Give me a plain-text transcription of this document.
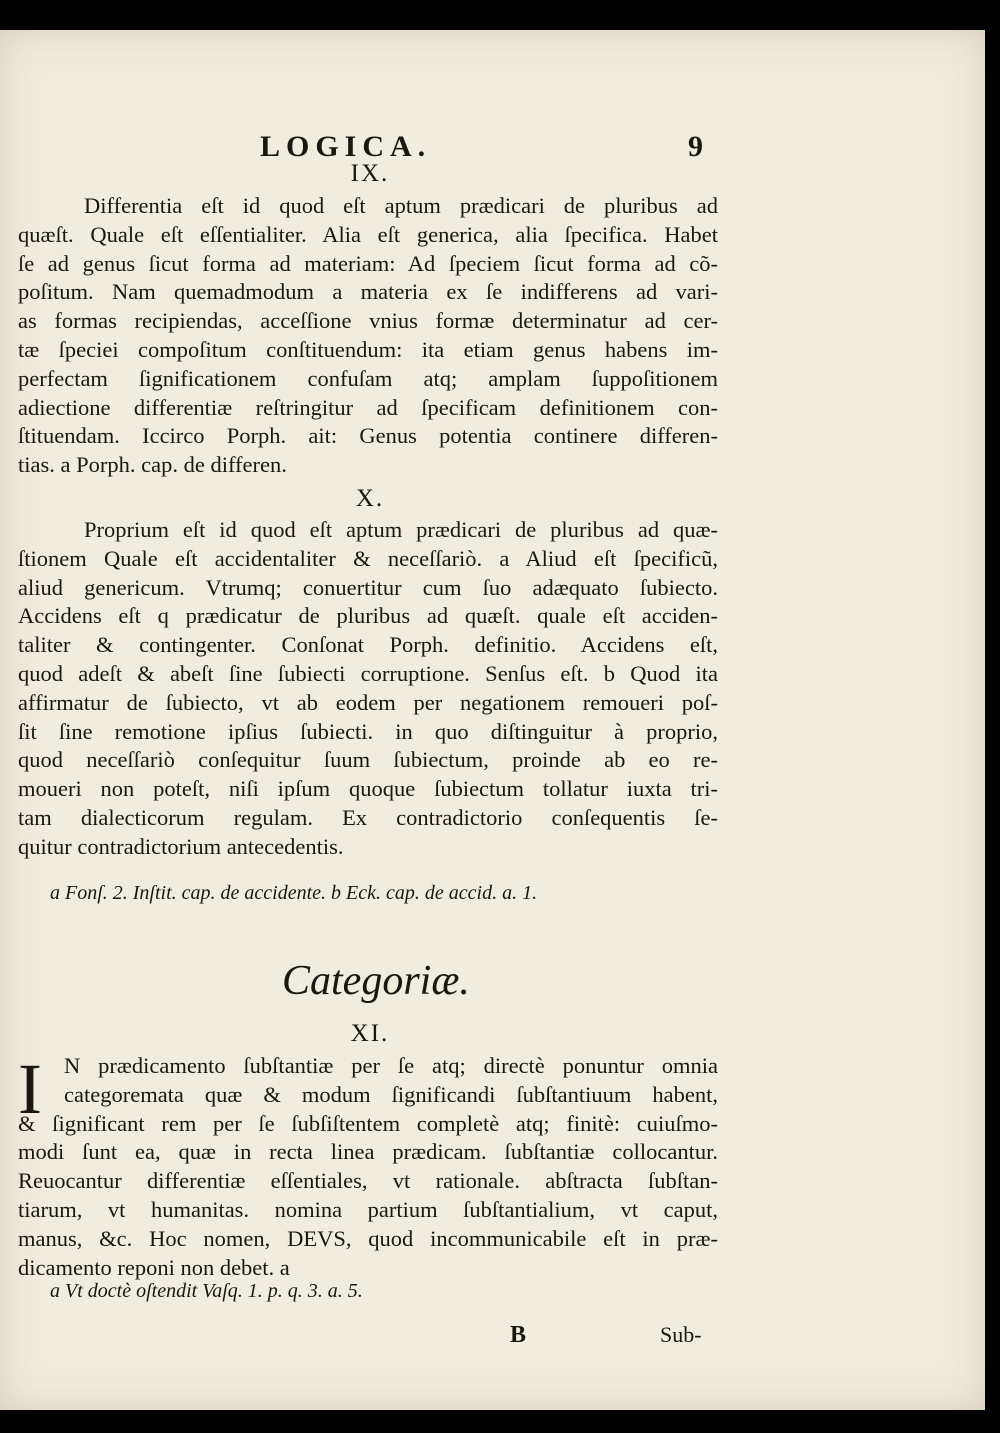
LOGICA.	9
IX.
Differentia eſt id quod eſt aptum prædicari de pluribus ad
quæſt. Quale eſt eſſentialiter. Alia eſt generica, alia ſpecifica. Habet
ſe ad genus ſicut forma ad materiam: Ad ſpeciem ſicut forma ad cõ-
poſitum. Nam quemadmodum a materia ex ſe indifferens ad vari-
as formas recipiendas, acceſſione vnius formæ determinatur ad cer-
tæ ſpeciei compoſitum conſtituendum: ita etiam genus habens im-
perfectam ſignificationem confuſam atq; amplam ſuppoſitionem
adiectione differentiæ reſtringitur ad ſpecificam definitionem con-
ſtituendam. Iccirco Porph. ait: Genus potentia continere differen-
tias. a Porph. cap. de differen.
X.
Proprium eſt id quod eſt aptum prædicari de pluribus ad quæ-
ſtionem Quale eſt accidentaliter & neceſſariò. a Aliud eſt ſpecificũ,
aliud genericum. Vtrumq; conuertitur cum ſuo adæquato ſubiecto.
Accidens eſt q prædicatur de pluribus ad quæſt. quale eſt acciden-
taliter & contingenter. Conſonat Porph. definitio. Accidens eſt,
quod adeſt & abeſt ſine ſubiecti corruptione. Senſus eſt. b Quod ita
affirmatur de ſubiecto, vt ab eodem per negationem remoueri poſ-
ſit ſine remotione ipſius ſubiecti. in quo diſtinguitur à proprio,
quod neceſſariò conſequitur ſuum ſubiectum, proinde ab eo re-
moueri non poteſt, niſi ipſum quoque ſubiectum tollatur iuxta tri-
tam dialecticorum regulam. Ex contradictorio conſequentis ſe-
quitur contradictorium antecedentis.
a Fonſ. 2. Inſtit. cap. de accidente. b Eck. cap. de accid. a. 1.
Categoriæ.
XI.
I N prædicamento ſubſtantiæ per ſe atq; directè ponuntur omnia
categoremata quæ & modum ſignificandi ſubſtantiuum habent,
& ſignificant rem per ſe ſubſiſtentem completè atq; finitè: cuiuſmo-
modi ſunt ea, quæ in recta linea prædicam. ſubſtantiæ collocantur.
Reuocantur differentiæ eſſentiales, vt rationale. abſtracta ſubſtan-
tiarum, vt humanitas. nomina partium ſubſtantialium, vt caput,
manus, &c. Hoc nomen, DEVS, quod incommunicabile eſt in præ-
dicamento reponi non debet. a
a Vt doctè oſtendit Vaſq. 1. p. q. 3. a. 5.
B	Sub-
